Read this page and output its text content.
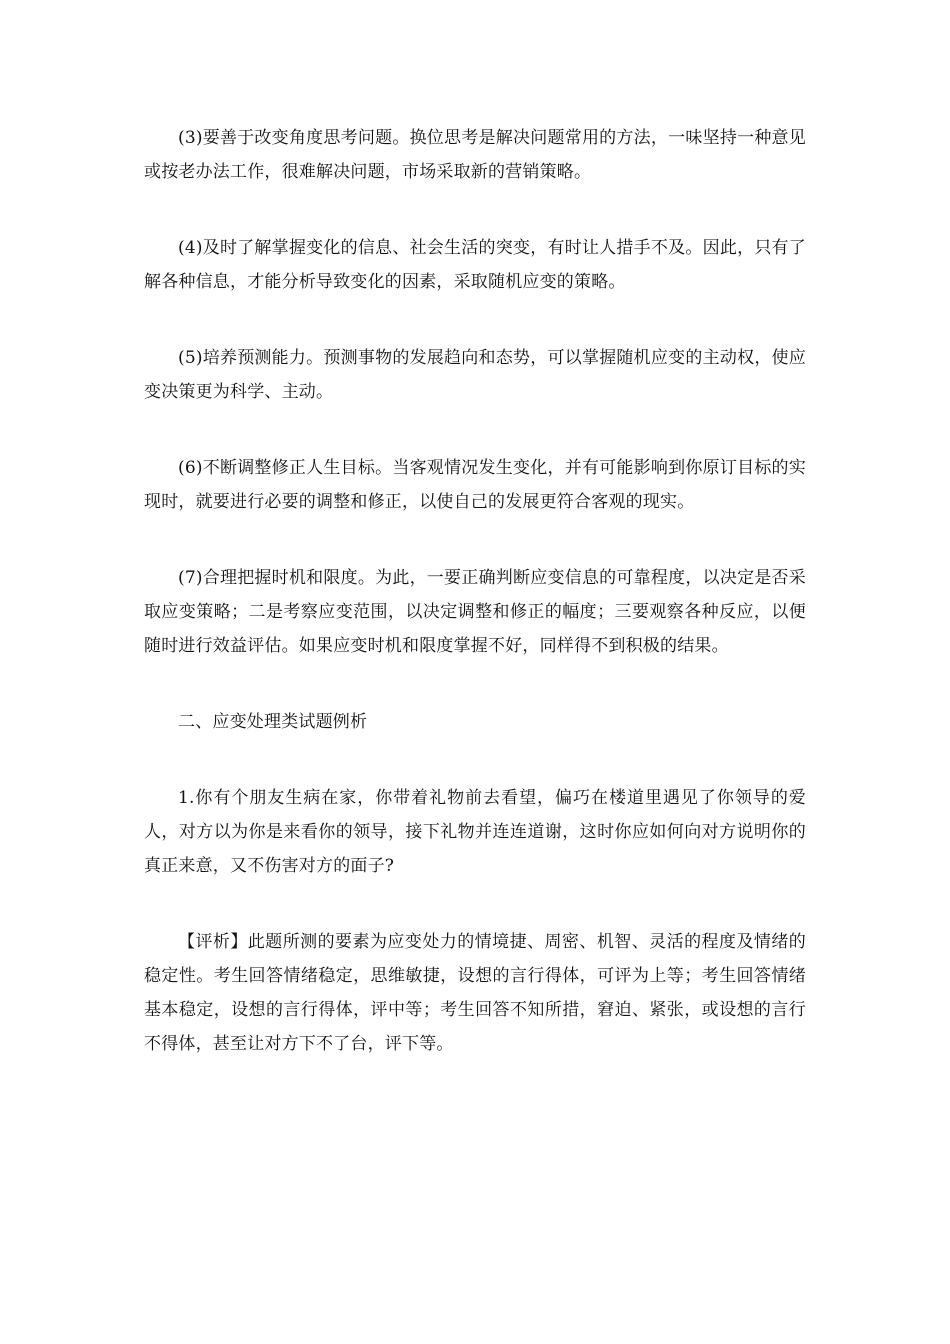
(3)要善于改变角度思考问题。换位思考是解决问题常用的方法，一味坚持一种意见或按老办法工作，很难解决问题，市场采取新的营销策略。

(4)及时了解掌握变化的信息、社会生活的突变，有时让人措手不及。因此，只有了解各种信息，才能分析导致变化的因素，采取随机应变的策略。

(5)培养预测能力。预测事物的发展趋向和态势，可以掌握随机应变的主动权，使应变决策更为科学、主动。

(6)不断调整修正人生目标。当客观情况发生变化，并有可能影响到你原订目标的实现时，就要进行必要的调整和修正，以使自己的发展更符合客观的现实。

(7)合理把握时机和限度。为此，一要正确判断应变信息的可靠程度，以决定是否采取应变策略；二是考察应变范围，以决定调整和修正的幅度；三要观察各种反应，以便随时进行效益评估。如果应变时机和限度掌握不好，同样得不到积极的结果。

二、应变处理类试题例析

1.你有个朋友生病在家，你带着礼物前去看望，偏巧在楼道里遇见了你领导的爱人，对方以为你是来看你的领导，接下礼物并连连道谢，这时你应如何向对方说明你的真正来意，又不伤害对方的面子?

【评析】此题所测的要素为应变处力的情境捷、周密、机智、灵活的程度及情绪的稳定性。考生回答情绪稳定，思维敏捷，设想的言行得体，可评为上等；考生回答情绪基本稳定，设想的言行得体，评中等；考生回答不知所措，窘迫、紧张，或设想的言行不得体，甚至让对方下不了台，评下等。
